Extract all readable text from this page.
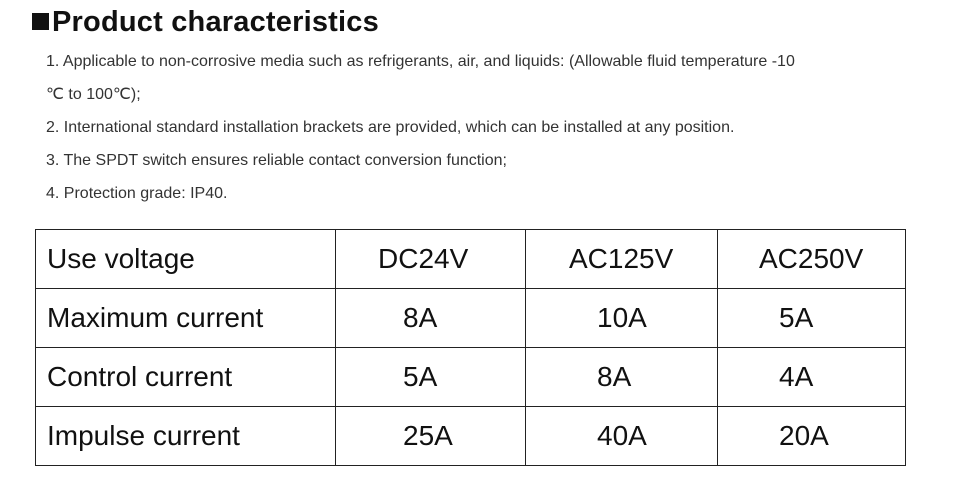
Product characteristics
1. Applicable to non-corrosive media such as refrigerants, air, and liquids: (Allowable fluid temperature -10
℃ to 100℃);
2. International standard installation brackets are provided, which can be installed at any position.
3. The SPDT switch ensures reliable contact conversion function;
4. Protection grade: IP40.
Use voltage	DC24V	AC125V	AC250V
Maximum current	8A	10A	5A
Control current	5A	8A	4A
Impulse current	25A	40A	20A
